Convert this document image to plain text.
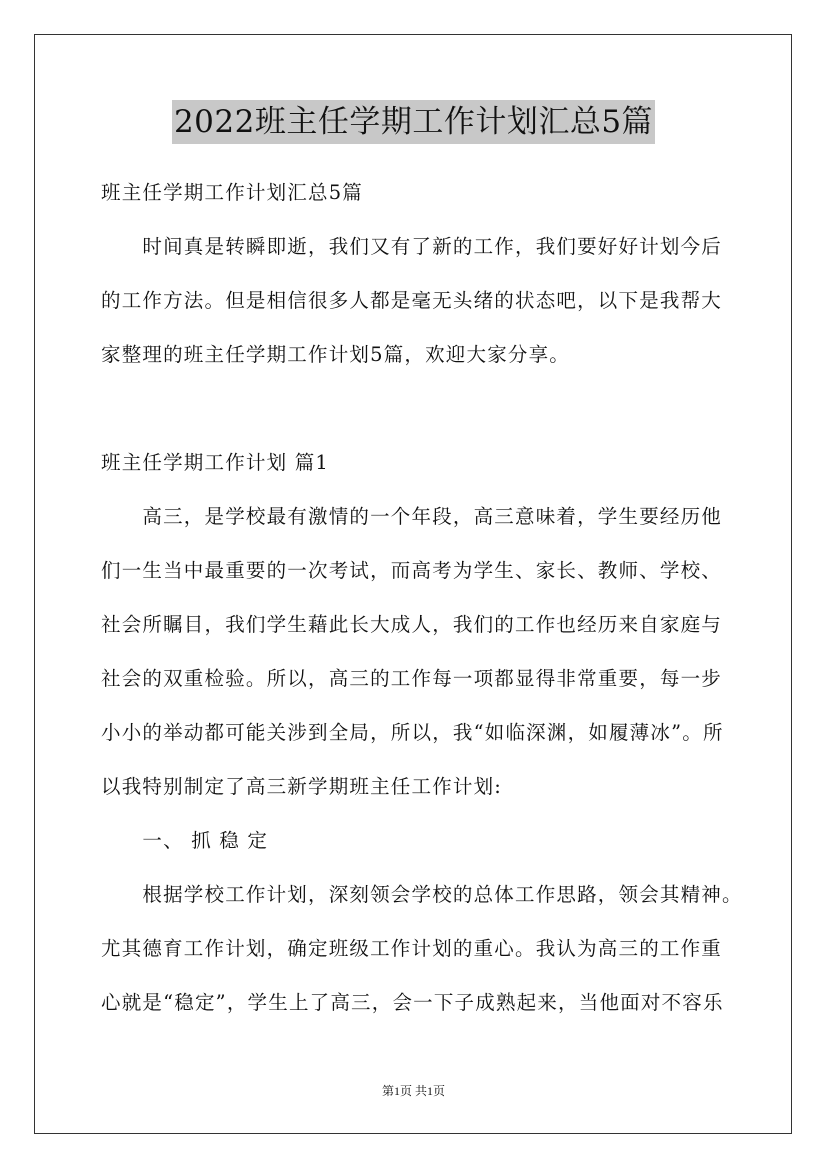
2022班主任学期工作计划汇总5篇
班主任学期工作计划汇总5篇
　　时间真是转瞬即逝，我们又有了新的工作，我们要好好计划今后
的工作方法。但是相信很多人都是毫无头绪的状态吧，以下是我帮大
家整理的班主任学期工作计划5篇，欢迎大家分享。
班主任学期工作计划 篇1
　　高三，是学校最有激情的一个年段，高三意味着，学生要经历他
们一生当中最重要的一次考试，而高考为学生、家长、教师、学校、
社会所瞩目，我们学生藉此长大成人，我们的工作也经历来自家庭与
社会的双重检验。所以，高三的工作每一项都显得非常重要，每一步
小小的举动都可能关涉到全局，所以，我“如临深渊，如履薄冰”。所
以我特别制定了高三新学期班主任工作计划:
　　一、 抓 稳 定
　　根据学校工作计划，深刻领会学校的总体工作思路，领会其精神。
尤其德育工作计划，确定班级工作计划的重心。我认为高三的工作重
心就是“稳定”，学生上了高三，会一下子成熟起来，当他面对不容乐
第1页 共1页
